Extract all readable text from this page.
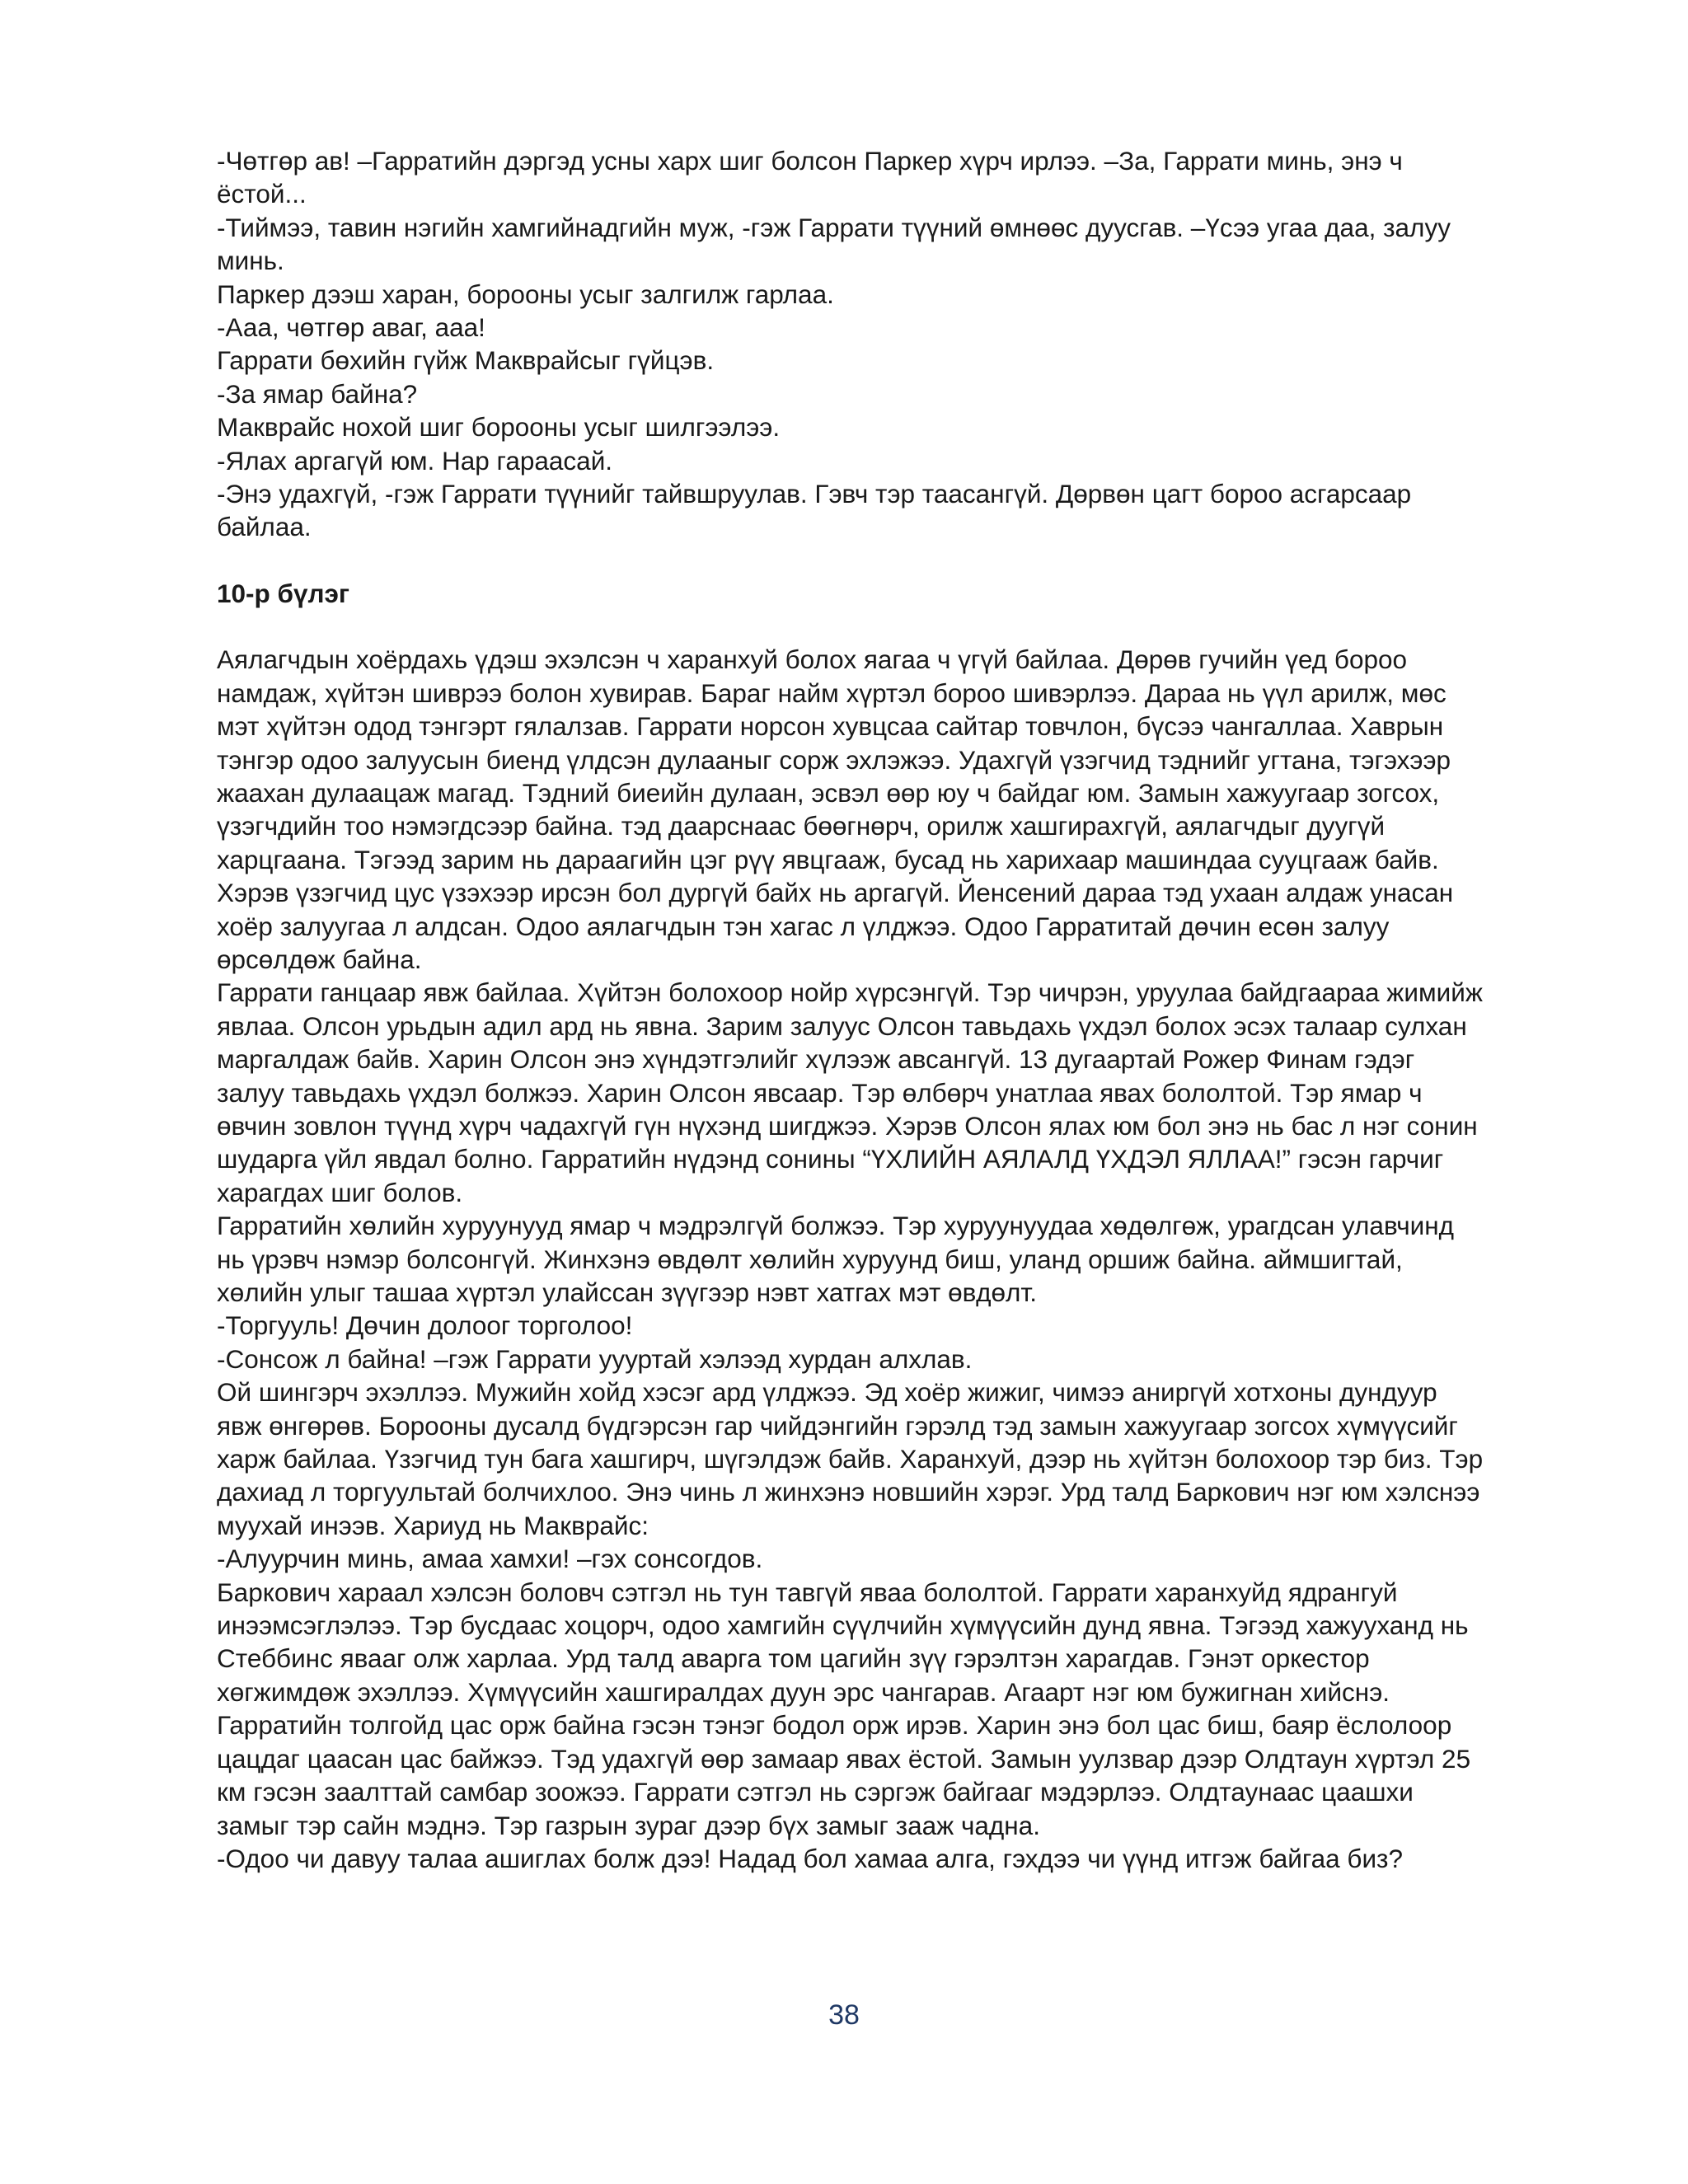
-Чөтгөр ав! –Гарратийн дэргэд усны харх шиг болсон Паркер хүрч ирлээ. –За, Гаррати минь, энэ ч ёстой...

-Тиймээ, тавин нэгийн хамгийнадгийн муж, -гэж Гаррати түүний өмнөөс дуусгав. –Үсээ угаа даа, залуу минь.

Паркер дээш харан, борооны усыг залгилж гарлаа.

-Ааа, чөтгөр аваг, ааа!

Гаррати бөхийн гүйж Макврайсыг гүйцэв.

-За ямар байна?

Макврайс нохой шиг борооны усыг шилгээлээ.

-Ялах аргагүй юм. Нар гараасай.

-Энэ удахгүй, -гэж Гаррати түүнийг тайвшруулав. Гэвч тэр таасангүй. Дөрвөн цагт бороо асгарсаар байлаа.

10-р бүлэг

Аялагчдын хоёрдахь үдэш эхэлсэн ч харанхуй болох яагаа ч үгүй байлаа. Дөрөв гучийн үед бороо намдаж, хүйтэн шиврээ болон хувирав. Бараг найм хүртэл бороо шивэрлээ. Дараа нь үүл арилж, мөс мэт хүйтэн одод тэнгэрт гялалзав. Гаррати норсон хувцсаа сайтар товчлон, бүсээ чангаллаа. Хаврын тэнгэр одоо залуусын биенд үлдсэн дулааныг сорж эхлэжээ. Удахгүй үзэгчид тэднийг угтана, тэгэхээр жаахан дулаацаж магад. Тэдний биеийн дулаан, эсвэл өөр юу ч байдаг юм. Замын хажуугаар зогсох, үзэгчдийн тоо нэмэгдсээр байна. тэд даарснаас бөөгнөрч, орилж хашгирахгүй, аялагчдыг дуугүй харцгаана. Тэгээд зарим нь дараагийн цэг рүү явцгааж, бусад нь харихаар машиндаа сууцгааж байв. Хэрэв үзэгчид цус үзэхээр ирсэн бол дургүй байх нь аргагүй. Йенсений дараа тэд ухаан алдаж унасан хоёр залуугаа л алдсан. Одоо аялагчдын тэн хагас л үлджээ. Одоо Гарратитай дөчин есөн залуу өрсөлдөж байна.

Гаррати ганцаар явж байлаа. Хүйтэн болохоор нойр хүрсэнгүй. Тэр чичрэн, уруулаа байдгаараа жимийж явлаа. Олсон урьдын адил ард нь явна. Зарим залуус Олсон тавьдахь үхдэл болох эсэх талаар сулхан маргалдаж байв. Харин Олсон энэ хүндэтгэлийг хүлээж авсангүй. 13 дугаартай Рожер Финам гэдэг залуу тавьдахь үхдэл болжээ. Харин Олсон явсаар. Тэр өлбөрч унатлаа явах бололтой. Тэр ямар ч өвчин зовлон түүнд хүрч чадахгүй гүн нүхэнд шигджээ. Хэрэв Олсон ялах юм бол энэ нь бас л нэг сонин шударга үйл явдал болно. Гарратийн нүдэнд сонины “ҮХЛИЙН АЯЛАЛД ҮХДЭЛ ЯЛЛАА!” гэсэн гарчиг харагдах шиг болов.

Гарратийн хөлийн хуруунууд ямар ч мэдрэлгүй болжээ. Тэр хуруунуудаа хөдөлгөж, урагдсан улавчинд нь үрэвч нэмэр болсонгүй. Жинхэнэ өвдөлт хөлийн хуруунд биш, уланд оршиж байна. аймшигтай, хөлийн улыг ташаа хүртэл улайссан зүүгээр нэвт хатгах мэт өвдөлт.

-Торгууль! Дөчин долоог торголоо!

-Сонсож л байна! –гэж Гаррати уууртай хэлээд хурдан алхлав.

Ой шингэрч эхэллээ. Мужийн хойд хэсэг ард үлджээ. Эд хоёр жижиг, чимээ аниргүй хотхоны дундуур явж өнгөрөв. Борооны дусалд бүдгэрсэн гар чийдэнгийн гэрэлд тэд замын хажуугаар зогсох хүмүүсийг харж байлаа. Үзэгчид тун бага хашгирч, шүгэлдэж байв. Харанхуй, дээр нь хүйтэн болохоор тэр биз. Тэр дахиад л торгуультай болчихлоо. Энэ чинь л жинхэнэ новшийн хэрэг. Урд талд Баркович нэг юм хэлснээ муухай инээв. Хариуд нь Макврайс:

-Алуурчин минь, амаа хамхи! –гэх сонсогдов.

Баркович хараал хэлсэн боловч сэтгэл нь тун тавгүй яваа бололтой. Гаррати харанхуйд ядрангуй инээмсэглэлээ. Тэр бусдаас хоцорч, одоо хамгийн сүүлчийн хүмүүсийн дунд явна. Тэгээд хажууханд нь Стеббинс явааг олж харлаа. Урд талд аварга том цагийн зүү гэрэлтэн харагдав. Гэнэт оркестор хөгжимдөж эхэллээ. Хүмүүсийн хашгиралдах дуун эрс чангарав. Агаарт нэг юм бужигнан хийснэ. Гарратийн толгойд цас орж байна гэсэн тэнэг бодол орж ирэв. Харин энэ бол цас биш, баяр ёслолоор цацдаг цаасан цас байжээ. Тэд удахгүй өөр замаар явах ёстой. Замын уулзвар дээр Олдтаун хүртэл 25 км гэсэн заалттай самбар зоожээ. Гаррати сэтгэл нь сэргэж байгааг мэдэрлээ. Олдтаунаас цаашхи замыг тэр сайн мэднэ. Тэр газрын зураг дээр бүх замыг зааж чадна.

-Одоо чи давуу талаа ашиглах болж дээ! Надад бол хамаа алга, гэхдээ чи үүнд итгэж байгаа биз?

38
